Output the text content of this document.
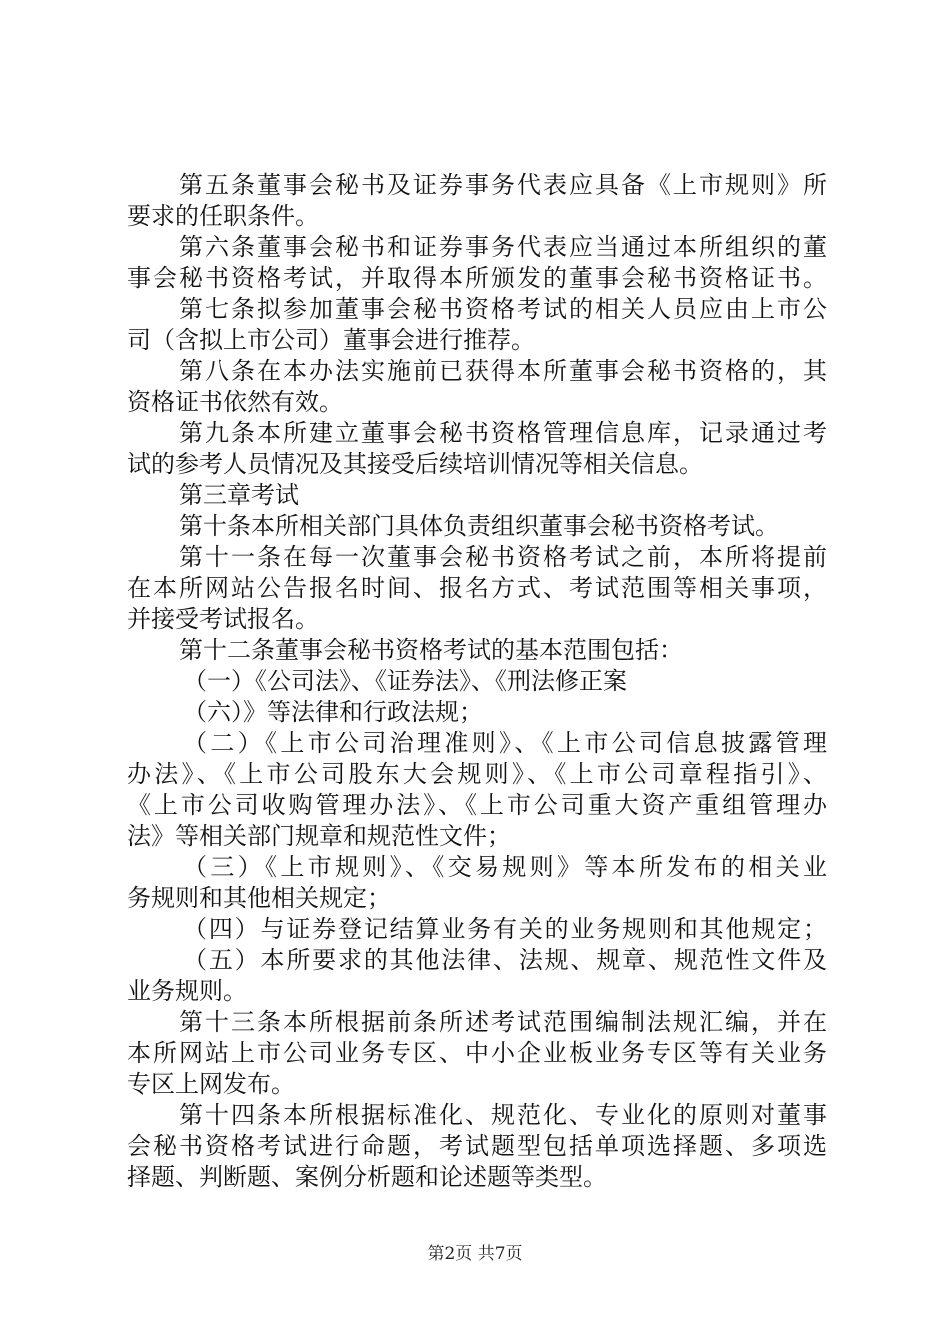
第五条董事会秘书及证券事务代表应具备《上市规则》所
要求的任职条件。
第六条董事会秘书和证券事务代表应当通过本所组织的董
事会秘书资格考试，并取得本所颁发的董事会秘书资格证书。
第七条拟参加董事会秘书资格考试的相关人员应由上市公
司（含拟上市公司）董事会进行推荐。
第八条在本办法实施前已获得本所董事会秘书资格的，其
资格证书依然有效。
第九条本所建立董事会秘书资格管理信息库，记录通过考
试的参考人员情况及其接受后续培训情况等相关信息。
第三章考试
第十条本所相关部门具体负责组织董事会秘书资格考试。
第十一条在每一次董事会秘书资格考试之前，本所将提前
在本所网站公告报名时间、报名方式、考试范围等相关事项，
并接受考试报名。
第十二条董事会秘书资格考试的基本范围包括：
（一）《公司法》、《证券法》、《刑法修正案
（六）》等法律和行政法规；
（二）《上市公司治理准则》、《上市公司信息披露管理
办法》、《上市公司股东大会规则》、《上市公司章程指引》、
《上市公司收购管理办法》、《上市公司重大资产重组管理办
法》等相关部门规章和规范性文件；
（三）《上市规则》、《交易规则》等本所发布的相关业
务规则和其他相关规定；
（四）与证券登记结算业务有关的业务规则和其他规定；
（五）本所要求的其他法律、法规、规章、规范性文件及
业务规则。
第十三条本所根据前条所述考试范围编制法规汇编，并在
本所网站上市公司业务专区、中小企业板业务专区等有关业务
专区上网发布。
第十四条本所根据标准化、规范化、专业化的原则对董事
会秘书资格考试进行命题，考试题型包括单项选择题、多项选
择题、判断题、案例分析题和论述题等类型。
第2页 共7页
